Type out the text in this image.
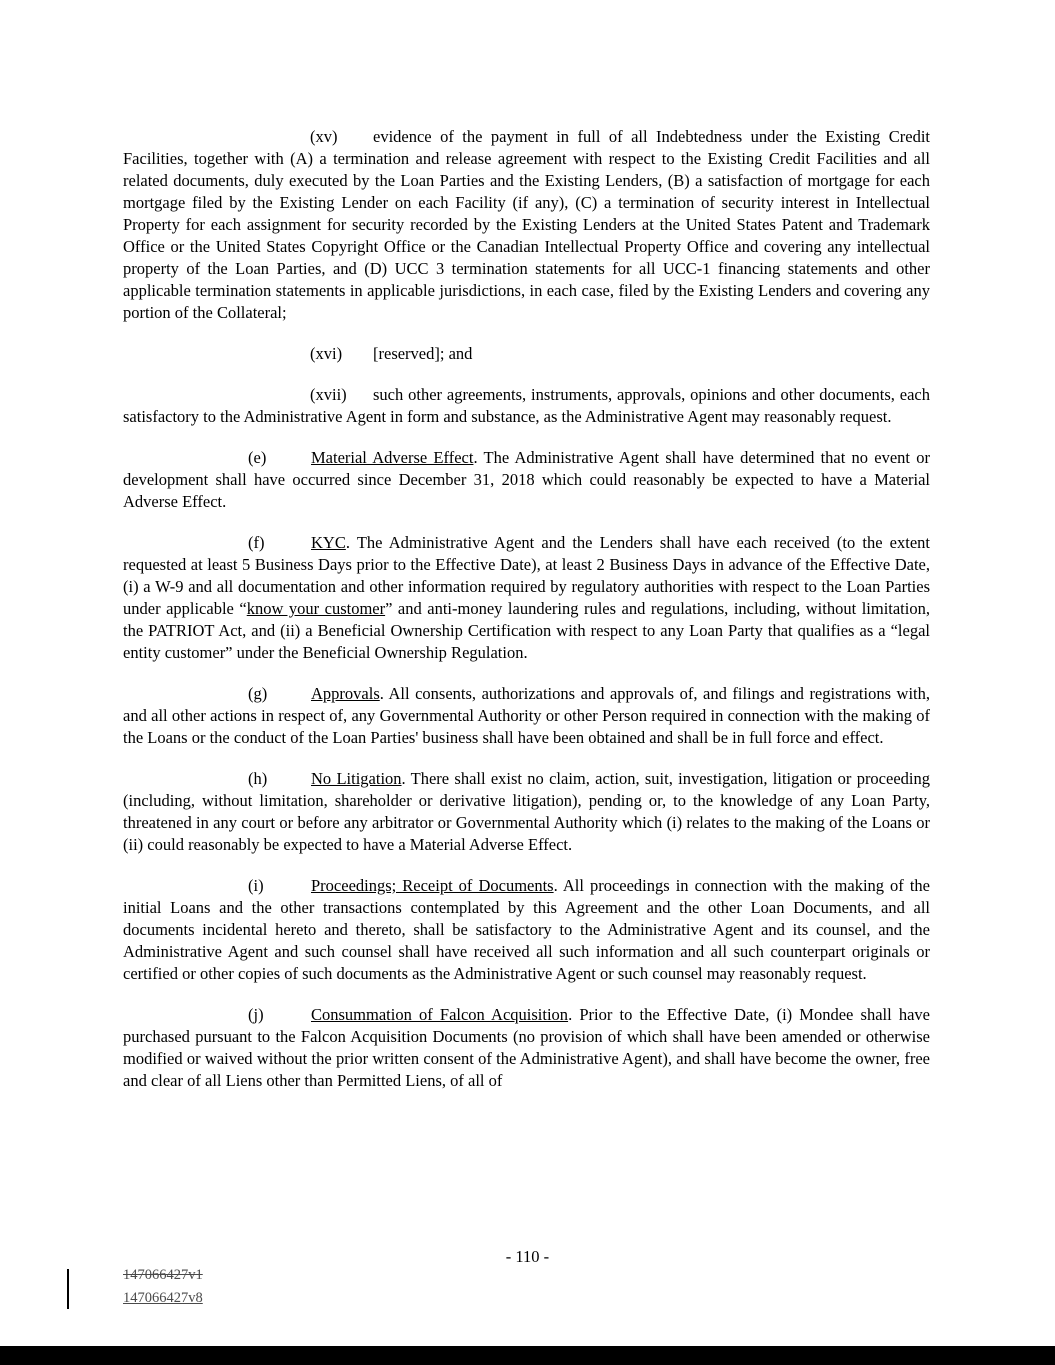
(xv) evidence of the payment in full of all Indebtedness under the Existing Credit Facilities, together with (A) a termination and release agreement with respect to the Existing Credit Facilities and all related documents, duly executed by the Loan Parties and the Existing Lenders, (B) a satisfaction of mortgage for each mortgage filed by the Existing Lender on each Facility (if any), (C) a termination of security interest in Intellectual Property for each assignment for security recorded by the Existing Lenders at the United States Patent and Trademark Office or the United States Copyright Office or the Canadian Intellectual Property Office and covering any intellectual property of the Loan Parties, and (D) UCC 3 termination statements for all UCC-1 financing statements and other applicable termination statements in applicable jurisdictions, in each case, filed by the Existing Lenders and covering any portion of the Collateral;

(xvi) [reserved]; and

(xvii) such other agreements, instruments, approvals, opinions and other documents, each satisfactory to the Administrative Agent in form and substance, as the Administrative Agent may reasonably request.

(e)	Material Adverse Effect. The Administrative Agent shall have determined that no event or development shall have occurred since December 31, 2018 which could reasonably be expected to have a Material Adverse Effect.

(f)	KYC. The Administrative Agent and the Lenders shall have each received (to the extent requested at least 5 Business Days prior to the Effective Date), at least 2 Business Days in advance of the Effective Date, (i) a W-9 and all documentation and other information required by regulatory authorities with respect to the Loan Parties under applicable “know your customer” and anti-money laundering rules and regulations, including, without limitation, the PATRIOT Act, and (ii) a Beneficial Ownership Certification with respect to any Loan Party that qualifies as a “legal entity customer” under the Beneficial Ownership Regulation.

(g)	Approvals. All consents, authorizations and approvals of, and filings and registrations with, and all other actions in respect of, any Governmental Authority or other Person required in connection with the making of the Loans or the conduct of the Loan Parties' business shall have been obtained and shall be in full force and effect.

(h)	No Litigation. There shall exist no claim, action, suit, investigation, litigation or proceeding (including, without limitation, shareholder or derivative litigation), pending or, to the knowledge of any Loan Party, threatened in any court or before any arbitrator or Governmental Authority which (i) relates to the making of the Loans or (ii) could reasonably be expected to have a Material Adverse Effect.

(i)	Proceedings; Receipt of Documents. All proceedings in connection with the making of the initial Loans and the other transactions contemplated by this Agreement and the other Loan Documents, and all documents incidental hereto and thereto, shall be satisfactory to the Administrative Agent and its counsel, and the Administrative Agent and such counsel shall have received all such information and all such counterpart originals or certified or other copies of such documents as the Administrative Agent or such counsel may reasonably request.

(j)	Consummation of Falcon Acquisition. Prior to the Effective Date, (i) Mondee shall have purchased pursuant to the Falcon Acquisition Documents (no provision of which shall have been amended or otherwise modified or waived without the prior written consent of the Administrative Agent), and shall have become the owner, free and clear of all Liens other than Permitted Liens, of all of

- 110 -
147066427v1
147066427v8
